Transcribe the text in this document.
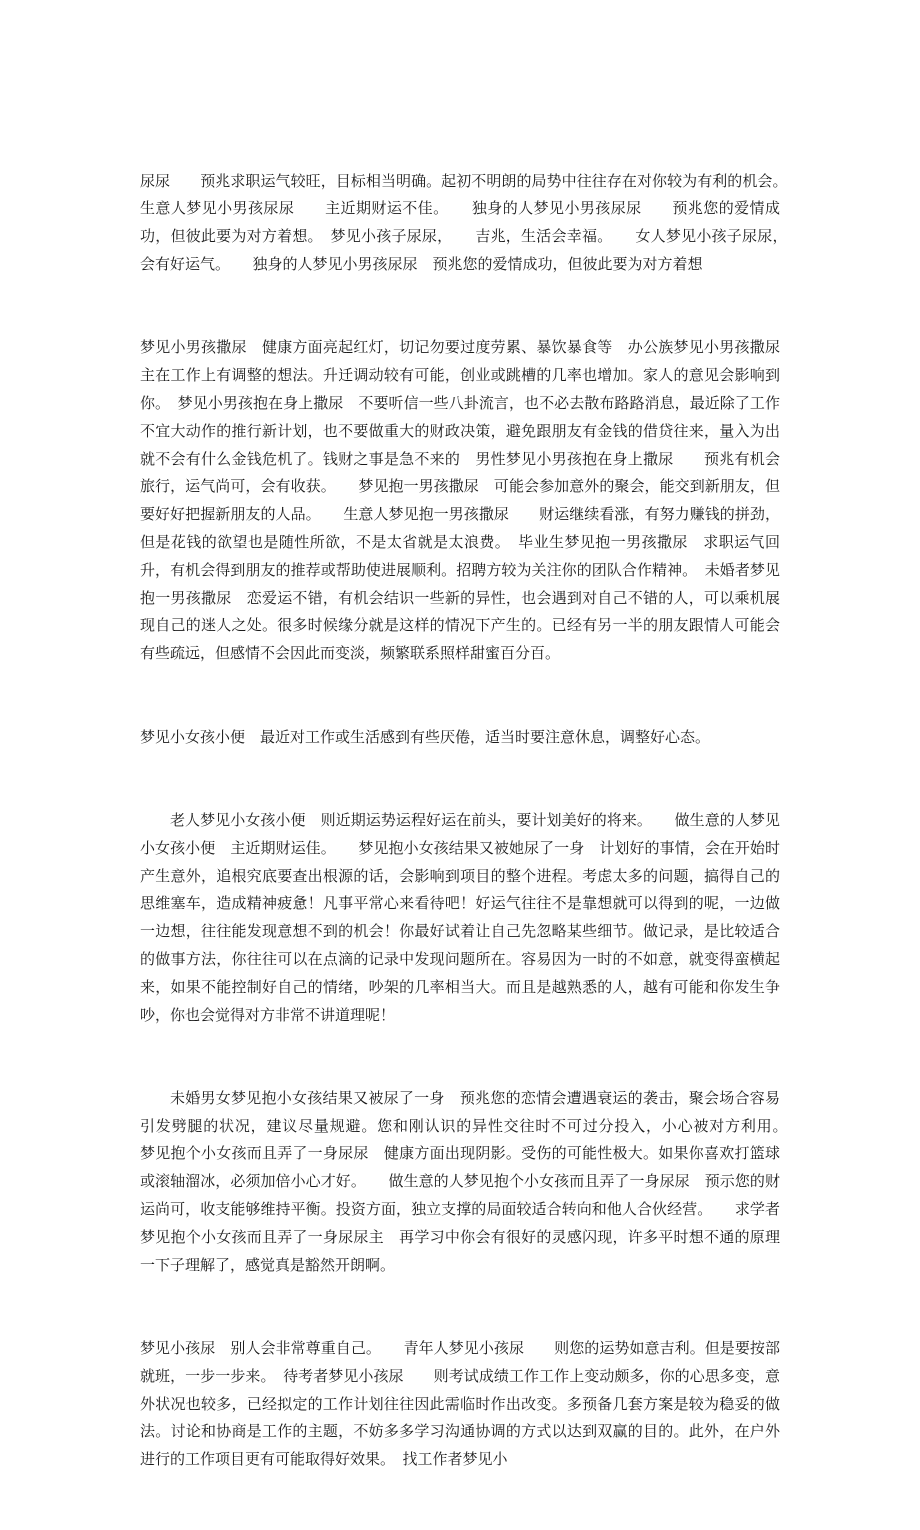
尿尿　　预兆求职运气较旺，目标相当明确。起初不明朗的局势中往往存在对你较为有利的机会。　　生意人梦见小男孩尿尿　　主近期财运不佳。　　独身的人梦见小男孩尿尿　　预兆您的爱情成功，但彼此要为对方着想。　梦见小孩子尿尿，　　吉兆，生活会幸福。　　女人梦见小孩子尿尿，　　会有好运气。　　独身的人梦见小男孩尿尿　预兆您的爱情成功，但彼此要为对方着想

梦见小男孩撒尿　健康方面亮起红灯，切记勿要过度劳累、暴饮暴食等　办公族梦见小男孩撒尿　主在工作上有调整的想法。升迁调动较有可能，创业或跳槽的几率也增加。家人的意见会影响到你。　梦见小男孩抱在身上撒尿　不要听信一些八卦流言，也不必去散布路路消息，最近除了工作不宜大动作的推行新计划，也不要做重大的财政决策，避免跟朋友有金钱的借贷往来，量入为出就不会有什么金钱危机了。钱财之事是急不来的　男性梦见小男孩抱在身上撒尿　　预兆有机会旅行，运气尚可，会有收获。　　梦见抱一男孩撒尿　可能会参加意外的聚会，能交到新朋友，但要好好把握新朋友的人品。　　生意人梦见抱一男孩撒尿　　财运继续看涨，有努力赚钱的拼劲，但是花钱的欲望也是随性所欲，不是太省就是太浪费。　毕业生梦见抱一男孩撒尿　求职运气回升，有机会得到朋友的推荐或帮助使进展顺利。招聘方较为关注你的团队合作精神。　未婚者梦见抱一男孩撒尿　恋爱运不错，有机会结识一些新的异性，也会遇到对自己不错的人，可以乘机展现自己的迷人之处。很多时候缘分就是这样的情况下产生的。已经有另一半的朋友跟情人可能会有些疏远，但感情不会因此而变淡，频繁联系照样甜蜜百分百。

梦见小女孩小便　最近对工作或生活感到有些厌倦，适当时要注意休息，调整好心态。

老人梦见小女孩小便　则近期运势运程好运在前头，要计划美好的将来。　　做生意的人梦见小女孩小便　主近期财运佳。　　梦见抱小女孩结果又被她尿了一身　计划好的事情，会在开始时产生意外，追根究底要查出根源的话，会影响到项目的整个进程。考虑太多的问题，搞得自己的思维塞车，造成精神疲惫！凡事平常心来看待吧！好运气往往不是靠想就可以得到的呢，一边做一边想，往往能发现意想不到的机会！你最好试着让自己先忽略某些细节。做记录，是比较适合的做事方法，你往往可以在点滴的记录中发现问题所在。容易因为一时的不如意，就变得蛮横起来，如果不能控制好自己的情绪，吵架的几率相当大。而且是越熟悉的人，越有可能和你发生争吵，你也会觉得对方非常不讲道理呢！

未婚男女梦见抱小女孩结果又被尿了一身　预兆您的恋情会遭遇衰运的袭击，聚会场合容易引发劈腿的状况，建议尽量规避。您和刚认识的异性交往时不可过分投入，小心被对方利用。　　梦见抱个小女孩而且弄了一身尿尿　健康方面出现阴影。受伤的可能性极大。如果你喜欢打篮球或滚轴溜冰，必须加倍小心才好。　　做生意的人梦见抱个小女孩而且弄了一身尿尿　预示您的财运尚可，收支能够维持平衡。投资方面，独立支撑的局面较适合转向和他人合伙经营。　　求学者梦见抱个小女孩而且弄了一身尿尿主　再学习中你会有很好的灵感闪现，许多平时想不通的原理一下子理解了，感觉真是豁然开朗啊。

梦见小孩尿　别人会非常尊重自己。　　青年人梦见小孩尿　　则您的运势如意吉利。但是要按部就班，一步一步来。　待考者梦见小孩尿　　则考试成绩工作工作上变动颇多，你的心思多变，意外状况也较多，已经拟定的工作计划往往因此需临时作出改变。多预备几套方案是较为稳妥的做法。讨论和协商是工作的主题，不妨多多学习沟通协调的方式以达到双赢的目的。此外，在户外进行的工作项目更有可能取得好效果。　找工作者梦见小
